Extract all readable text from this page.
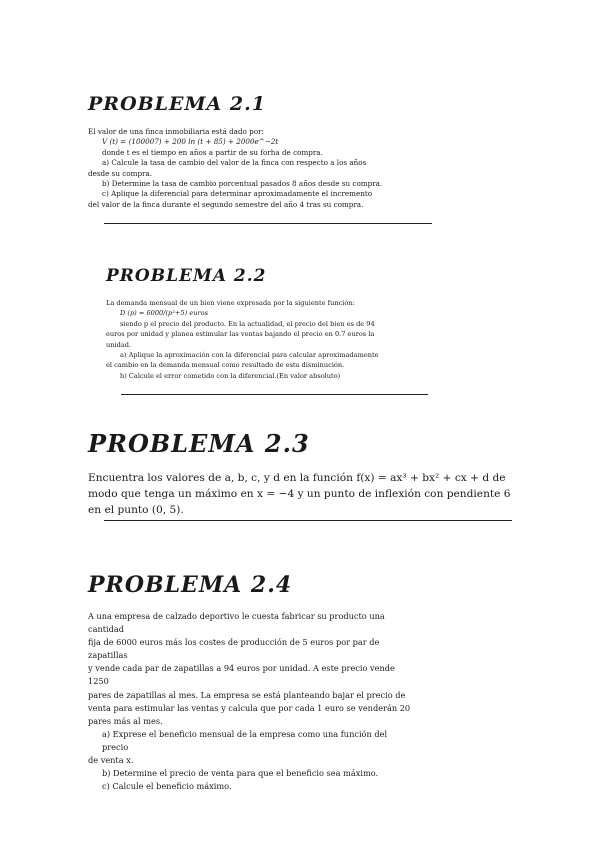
PROBLEMA 2.1

El valor de una finca inmobiliaria está dado por:

V (t) = (100007) + 200 ln (t + 85) + 2000e^−2t

donde t es el tiempo en años a partir de su forha de compra.

a) Calcule la tasa de cambio del valor de la finca con respecto a los años

desde su compra.

b) Determine la tasa de cambio porcentual pasados 8 años desde su compra.

c) Aplique la diferencial para determinar aproximadamente el incremento

del valor de la finca durante el segundo semestre del año 4 tras su compra.

PROBLEMA 2.2

La demanda mensual de un bien viene expresada por la siguiente función:

D (p) = 6000/(p²+5) euros

siendo p el precio del producto. En la actualidad, el precio del bien es de 94

euros por unidad y planea estimular las ventas bajando el precio en 0.7 euros la

unidad.

a) Aplique la aproximación con la diferencial para calcular aproximadamente

el cambio en la demanda mensual como resultado de esta disminución.

b) Calcule el error cometido con la diferencial.(En valor absoluto)

PROBLEMA 2.3

Encuentra los valores de a, b, c, y d en la función f(x) = ax³ + bx² + cx + d de

modo que tenga un máximo en x = −4 y un punto de inflexión con pendiente 6

en el punto (0, 5).

PROBLEMA 2.4

A una empresa de calzado deportivo le cuesta fabricar su producto una cantidad

fija de 6000 euros más los costes de producción de 5 euros por par de zapatillas

y vende cada par de zapatillas a 94 euros por unidad. A este precio vende 1250

pares de zapatillas al mes. La empresa se está planteando bajar el precio de

venta para estimular las ventas y calcula que por cada 1 euro se venderán 20

pares más al mes.

a) Exprese el beneficio mensual de la empresa como una función del precio

de venta x.

b) Determine el precio de venta para que el beneficio sea máximo.

c) Calcule el beneficio máximo.
